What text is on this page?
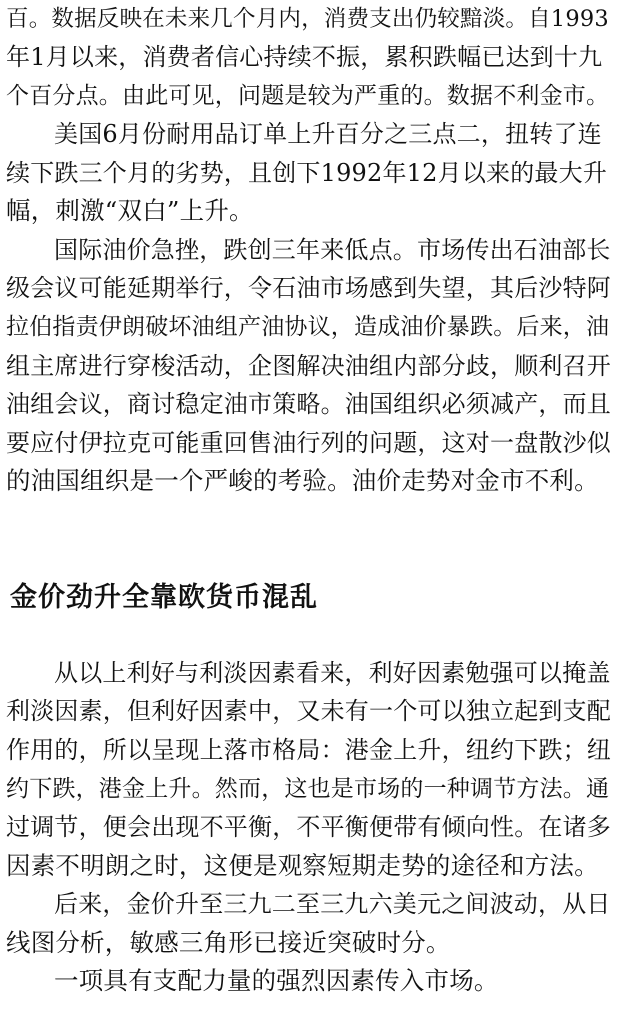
百。数据反映在未来几个月内，消费支出仍较黯淡。自1993
年1月以来，消费者信心持续不振，累积跌幅已达到十九
个百分点。由此可见，问题是较为严重的。数据不利金市。
美国6月份耐用品订单上升百分之三点二，扭转了连
续下跌三个月的劣势，且创下1992年12月以来的最大升
幅，刺激“双白”上升。
国际油价急挫，跌创三年来低点。市场传出石油部长
级会议可能延期举行，令石油市场感到失望，其后沙特阿
拉伯指责伊朗破坏油组产油协议，造成油价暴跌。后来，油
组主席进行穿梭活动，企图解决油组内部分歧，顺利召开
油组会议，商讨稳定油市策略。油国组织必须减产，而且
要应付伊拉克可能重回售油行列的问题，这对一盘散沙似
的油国组织是一个严峻的考验。油价走势对金市不利。
金价劲升全靠欧货币混乱
从以上利好与利淡因素看来，利好因素勉强可以掩盖
利淡因素，但利好因素中，又未有一个可以独立起到支配
作用的，所以呈现上落市格局：港金上升，纽约下跌；纽
约下跌，港金上升。然而，这也是市场的一种调节方法。通
过调节，便会出现不平衡，不平衡便带有倾向性。在诸多
因素不明朗之时，这便是观察短期走势的途径和方法。
后来，金价升至三九二至三九六美元之间波动，从日
线图分析，敏感三角形已接近突破时分。
一项具有支配力量的强烈因素传入市场。
